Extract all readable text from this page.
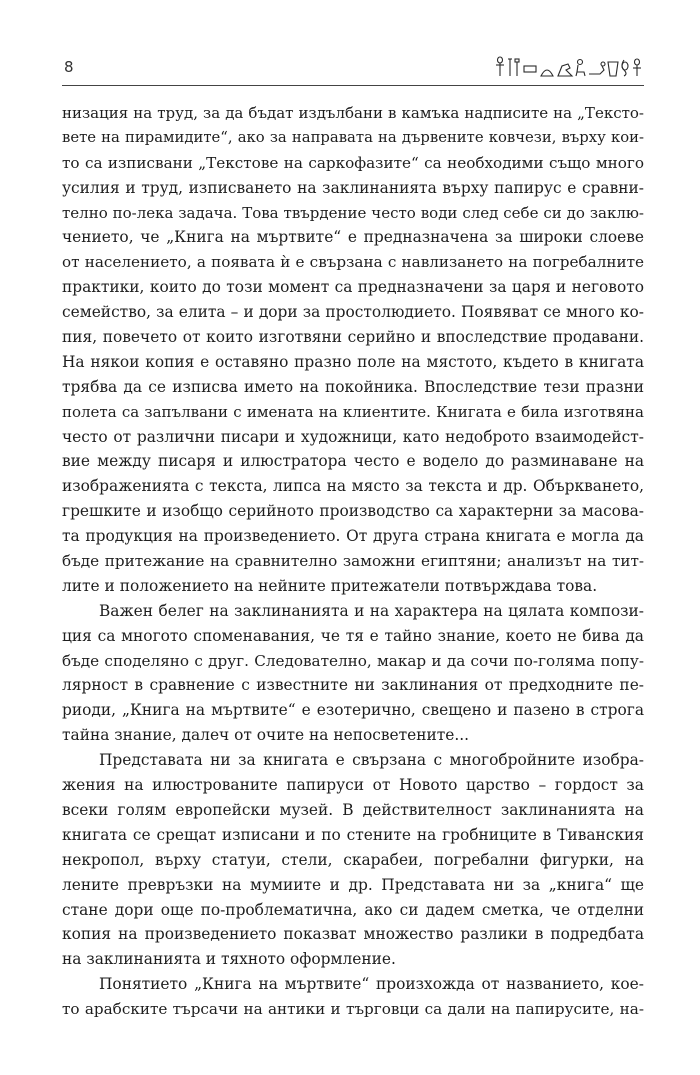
8
низация на труд, за да бъдат издълбани в камъка надписите на „Тексто-
вете на пирамидите“, ако за направата на дървените ковчези, върху кои-
то са изписвани „Текстове на саркофазите“ са необходими също много
усилия и труд, изписването на заклинанията върху папирус е сравни-
телно по-лека задача. Това твърдение често води след себе си до заклю-
чението, че „Книга на мъртвите“ е предназначена за широки слоеве
от населението, а появата ѝ е свързана с навлизането на погребалните
практики, които до този момент са предназначени за царя и неговото
семейство, за елита – и дори за простолюдието. Появяват се много ко-
пия, повечето от които изготвяни серийно и впоследствие продавани.
На някои копия е оставяно празно поле на мястото, където в книгата
трябва да се изписва името на покойника. Впоследствие тези празни
полета са запълвани с имената на клиентите. Книгата е била изготвяна
често от различни писари и художници, като недоброто взаимодейст-
вие между писаря и илюстратора често е водело до разминаване на
изображенията с текста, липса на място за текста и др. Объркването,
грешките и изобщо серийното производство са характерни за масова-
та продукция на произведението. От друга страна книгата е могла да
бъде притежание на сравнително заможни египтяни; анализът на тит-
лите и положението на нейните притежатели потвърждава това.
Важен белег на заклинанията и на характера на цялата компози-
ция са многото споменавания, че тя е тайно знание, което не бива да
бъде споделяно с друг. Следователно, макар и да сочи по-голяма попу-
лярност в сравнение с известните ни заклинания от предходните пе-
риоди, „Книга на мъртвите“ е езотерично, свещено и пазено в строга
тайна знание, далеч от очите на непосветените...
Представата ни за книгата е свързана с многобройните изобра-
жения на илюстрованите папируси от Новото царство – гордост за
всеки голям европейски музей. В действителност заклинанията на
книгата се срещат изписани и по стените на гробниците в Тиванския
некропол, върху статуи, стели, скарабеи, погребални фигурки, на
лените превръзки на мумиите и др. Представата ни за „книга“ ще
стане дори още по-проблематична, ако си дадем сметка, че отделни
копия на произведението показват множество разлики в подредбата
на заклинанията и тяхното оформление.
Понятието „Книга на мъртвите“ произхожда от названието, кое-
то арабските търсачи на антики и търговци са дали на папирусите, на-
